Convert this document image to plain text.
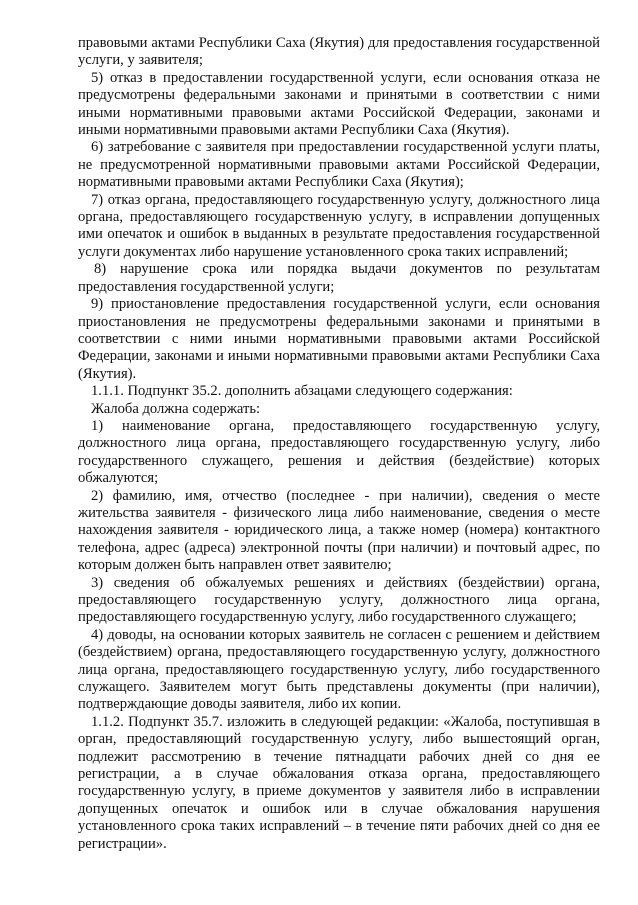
правовыми актами Республики Саха (Якутия) для предоставления государственной услуги, у заявителя;

5) отказ в предоставлении государственной услуги, если основания отказа не предусмотрены федеральными законами и принятыми в соответствии с ними иными нормативными правовыми актами Российской Федерации, законами и иными нормативными правовыми актами Республики Саха (Якутия).

6) затребование с заявителя при предоставлении государственной услуги платы, не предусмотренной нормативными правовыми актами Российской Федерации, нормативными правовыми актами Республики Саха (Якутия);

7) отказ органа, предоставляющего государственную услугу, должностного лица органа, предоставляющего государственную услугу, в исправлении допущенных ими опечаток и ошибок в выданных в результате предоставления государственной услуги документах либо нарушение установленного срока таких исправлений;

8) нарушение срока или порядка выдачи документов по результатам предоставления государственной услуги;

9) приостановление предоставления государственной услуги, если основания приостановления не предусмотрены федеральными законами и принятыми в соответствии с ними иными нормативными правовыми актами Российской Федерации, законами и иными нормативными правовыми актами Республики Саха (Якутия).

1.1.1. Подпункт 35.2. дополнить абзацами следующего содержания:

Жалоба должна содержать:

1) наименование органа, предоставляющего государственную услугу, должностного лица органа, предоставляющего государственную услугу, либо государственного служащего, решения и действия (бездействие) которых обжалуются;

2) фамилию, имя, отчество (последнее - при наличии), сведения о месте жительства заявителя - физического лица либо наименование, сведения о месте нахождения заявителя - юридического лица, а также номер (номера) контактного телефона, адрес (адреса) электронной почты (при наличии) и почтовый адрес, по которым должен быть направлен ответ заявителю;

3) сведения об обжалуемых решениях и действиях (бездействии) органа, предоставляющего государственную услугу, должностного лица органа, предоставляющего государственную услугу, либо государственного служащего;

4) доводы, на основании которых заявитель не согласен с решением и действием (бездействием) органа, предоставляющего государственную услугу, должностного лица органа, предоставляющего государственную услугу, либо государственного служащего. Заявителем могут быть представлены документы (при наличии), подтверждающие доводы заявителя, либо их копии.

1.1.2. Подпункт 35.7. изложить в следующей редакции: «Жалоба, поступившая в орган, предоставляющий государственную услугу, либо вышестоящий орган, подлежит рассмотрению в течение пятнадцати рабочих дней со дня ее регистрации, а в случае обжалования отказа органа, предоставляющего государственную услугу, в приеме документов у заявителя либо в исправлении допущенных опечаток и ошибок или в случае обжалования нарушения установленного срока таких исправлений – в течение пяти рабочих дней со дня ее регистрации».
